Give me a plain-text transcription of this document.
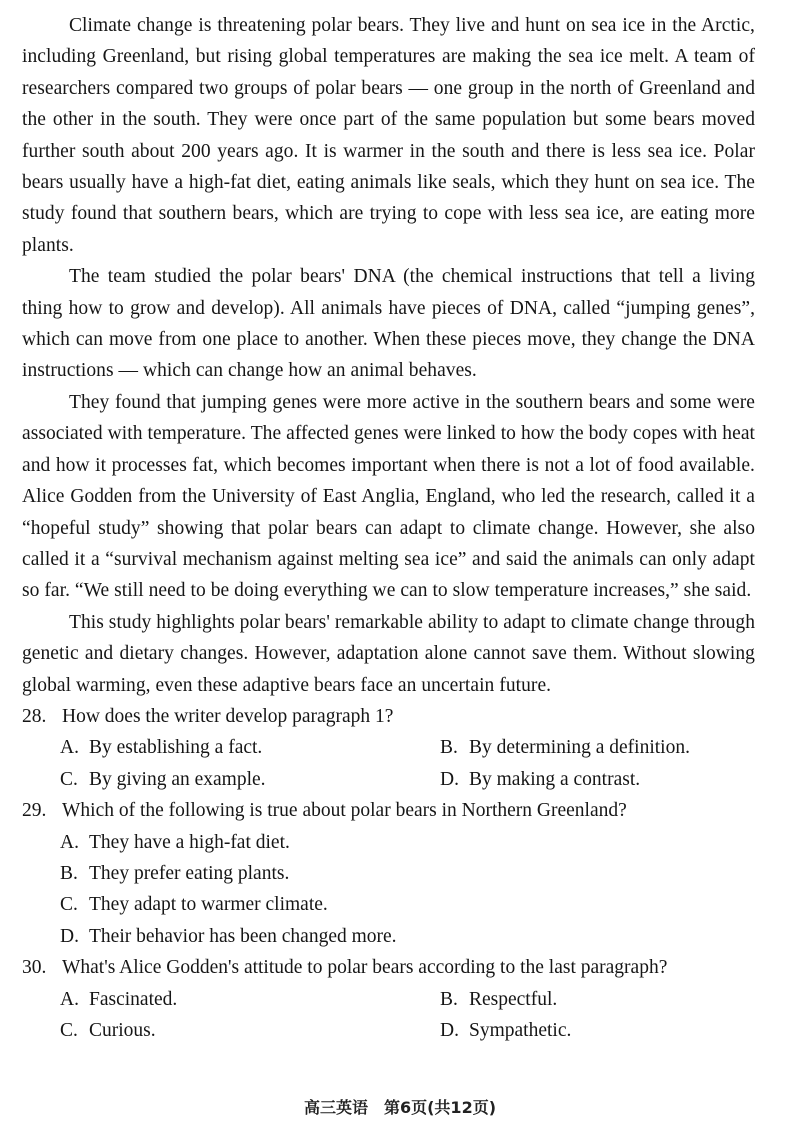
Climate change is threatening polar bears. They live and hunt on sea ice in the Arctic, including Greenland, but rising global temperatures are making the sea ice melt. A team of researchers compared two groups of polar bears — one group in the north of Greenland and the other in the south. They were once part of the same population but some bears moved further south about 200 years ago. It is warmer in the south and there is less sea ice. Polar bears usually have a high-fat diet, eating animals like seals, which they hunt on sea ice. The study found that southern bears, which are trying to cope with less sea ice, are eating more plants.

The team studied the polar bears' DNA (the chemical instructions that tell a living thing how to grow and develop). All animals have pieces of DNA, called “jumping genes”, which can move from one place to another. When these pieces move, they change the DNA instructions — which can change how an animal behaves.

They found that jumping genes were more active in the southern bears and some were associated with temperature. The affected genes were linked to how the body copes with heat and how it processes fat, which becomes important when there is not a lot of food available. Alice Godden from the University of East Anglia, England, who led the research, called it a “hopeful study” showing that polar bears can adapt to climate change. However, she also called it a “survival mechanism against melting sea ice” and said the animals can only adapt so far. “We still need to be doing everything we can to slow temperature increases,” she said.

This study highlights polar bears' remarkable ability to adapt to climate change through genetic and dietary changes. However, adaptation alone cannot save them. Without slowing global warming, even these adaptive bears face an uncertain future.

28. How does the writer develop paragraph 1?
A. By establishing a fact.	B. By determining a definition.
C. By giving an example.	D. By making a contrast.
29. Which of the following is true about polar bears in Northern Greenland?
A. They have a high-fat diet.
B. They prefer eating plants.
C. They adapt to warmer climate.
D. Their behavior has been changed more.
30. What's Alice Godden's attitude to polar bears according to the last paragraph?
A. Fascinated.	B. Respectful.
C. Curious.	D. Sympathetic.
高三英语　第6页(共12页)
